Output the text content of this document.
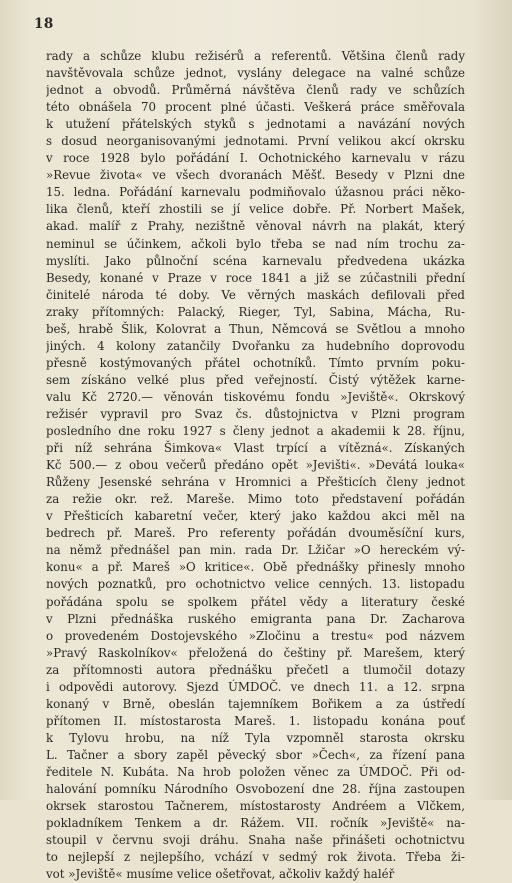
18
rady a schůze klubu režisérů a referentů. Většina členů rady
navštěvovala schůze jednot, vyslány delegace na valné schůze
jednot a obvodů. Průměrná návštěva členů rady ve schůzích
této obnášela 70 procent plné účasti. Veškerá práce směřovala
k utužení přátelských styků s jednotami a navázání nových
s dosud neorganisovanými jednotami. První velikou akcí okrsku
v roce 1928 bylo pořádání I. Ochotnického karnevalu v rázu
»Revue života« ve všech dvoranách Měšť. Besedy v Plzni dne
15. ledna. Pořádání karnevalu podmiňovalo úžasnou práci něko-
lika členů, kteří zhostili se jí velice dobře. Př. Norbert Mašek,
akad. malíř z Prahy, nezištně věnoval návrh na plakát, který
neminul se účinkem, ačkoli bylo třeba se nad ním trochu za-
myslíti. Jako půlnoční scéna karnevalu předvedena ukázka
Besedy, konané v Praze v roce 1841 a již se zúčastnili přední
činitelé národa té doby. Ve věrných maskách defilovali před
zraky přítomných: Palacký, Rieger, Tyl, Sabina, Mácha, Ru-
beš, hrabě Šlik, Kolovrat a Thun, Němcová se Světlou a mnoho
jiných. 4 kolony zatančily Dvořanku za hudebního doprovodu
přesně kostýmovaných přátel ochotníků. Tímto prvním poku-
sem získáno velké plus před veřejností. Čistý výtěžek karne-
valu Kč 2720.— věnován tiskovému fondu »Jeviště«. Okrskový
režisér vypravil pro Svaz čs. důstojnictva v Plzni program
posledního dne roku 1927 s členy jednot a akademii k 28. říjnu,
při níž sehrána Šimkova« Vlast trpící a vítězná«. Získaných
Kč 500.— z obou večerů předáno opět »Jevišti«. »Devátá louka«
Růženy Jesenské sehrána v Hromnici a Přešticích členy jednot
za režie okr. rež. Mareše. Mimo toto představení pořádán
v Přešticích kabaretní večer, který jako každou akci měl na
bedrech př. Mareš. Pro referenty pořádán dvouměsíční kurs,
na němž přednášel pan min. rada Dr. Lžičar »O hereckém vý-
konu« a př. Mareš »O kritice«. Obě přednášky přinesly mnoho
nových poznatků, pro ochotnictvo velice cenných. 13. listopadu
pořádána spolu se spolkem přátel vědy a literatury české
v Plzni přednáška ruského emigranta pana Dr. Zacharova
o provedeném Dostojevského »Zločinu a trestu« pod názvem
»Pravý Raskolníkov« přeložená do češtiny př. Marešem, který
za přítomnosti autora přednášku přečetl a tlumočil dotazy
i odpovědi autorovy. Sjezd ÚMDOČ. ve dnech 11. a 12. srpna
konaný v Brně, obeslán tajemníkem Bořikem a za ústředí
přítomen II. místostarosta Mareš. 1. listopadu konána pouť
k Tylovu hrobu, na níž Tyla vzpomněl starosta okrsku
L. Tačner a sbory zapěl pěvecký sbor »Čech«, za řízení pana
ředitele N. Kubáta. Na hrob položen věnec za ÚMDOČ. Při od-
halování pomníku Národního Osvobození dne 28. října zastoupen
okrsek starostou Tačnerem, místostarosty Andréem a Vlčkem,
pokladníkem Tenkem a dr. Rážem. VII. ročník »Jeviště« na-
stoupil v červnu svoji dráhu. Snaha naše přinášeti ochotnictvu
to nejlepší z nejlepšího, vchází v sedmý rok života. Třeba ži-
vot »Jeviště« musíme velice ošetřovat, ačkoliv každý haléř
